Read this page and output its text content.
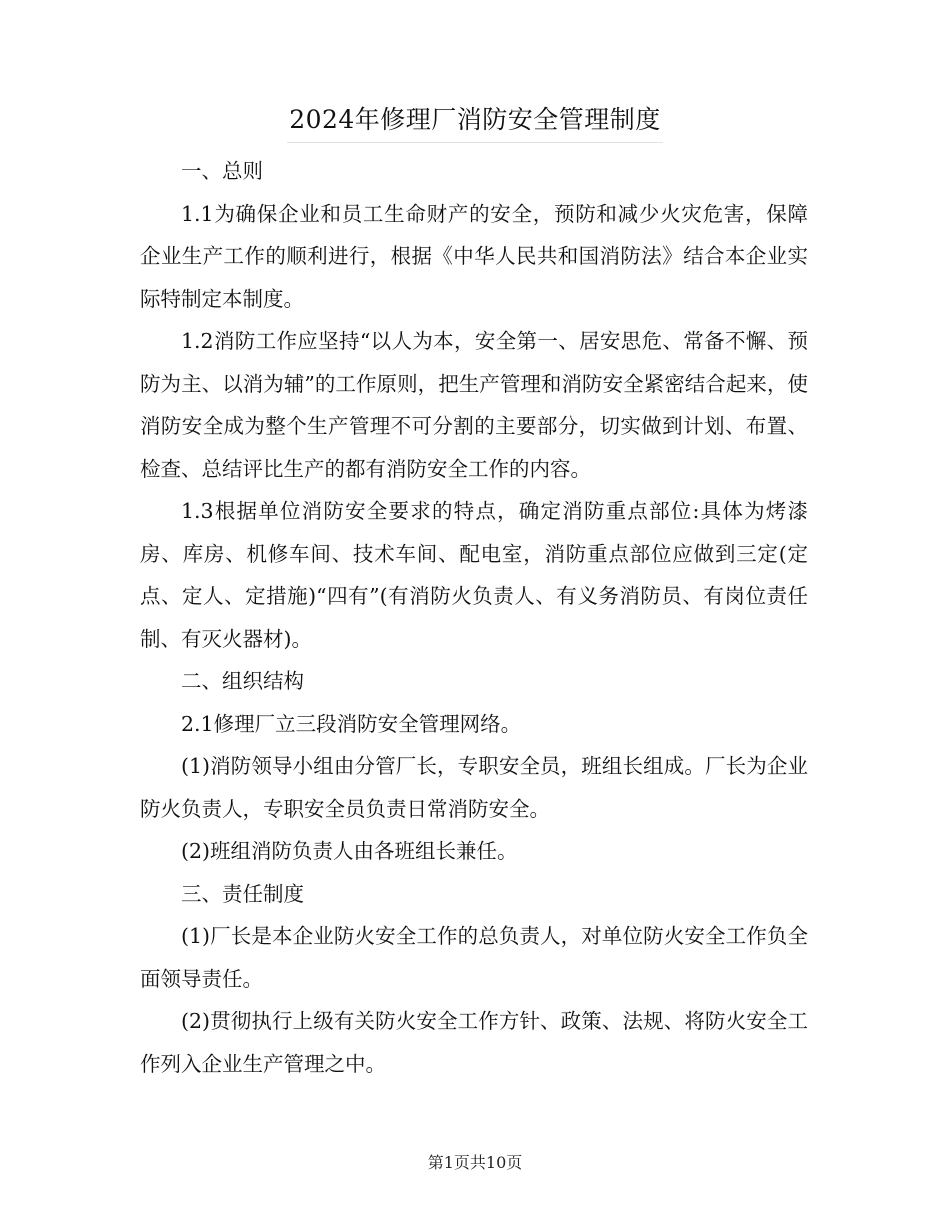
2024年修理厂消防安全管理制度

一、总则

1.1为确保企业和员工生命财产的安全，预防和减少火灾危害，保障企业生产工作的顺利进行，根据《中华人民共和国消防法》结合本企业实际特制定本制度。

1.2消防工作应坚持“以人为本，安全第一、居安思危、常备不懈、预防为主、以消为辅”的工作原则，把生产管理和消防安全紧密结合起来，使消防安全成为整个生产管理不可分割的主要部分，切实做到计划、布置、检查、总结评比生产的都有消防安全工作的内容。

1.3根据单位消防安全要求的特点，确定消防重点部位:具体为烤漆房、库房、机修车间、技术车间、配电室，消防重点部位应做到三定(定点、定人、定措施)“四有”(有消防火负责人、有义务消防员、有岗位责任制、有灭火器材)。

二、组织结构

2.1修理厂立三段消防安全管理网络。

(1)消防领导小组由分管厂长，专职安全员，班组长组成。厂长为企业防火负责人，专职安全员负责日常消防安全。

(2)班组消防负责人由各班组长兼任。

三、责任制度

(1)厂长是本企业防火安全工作的总负责人，对单位防火安全工作负全面领导责任。

(2)贯彻执行上级有关防火安全工作方针、政策、法规、将防火安全工作列入企业生产管理之中。

第1页共10页
